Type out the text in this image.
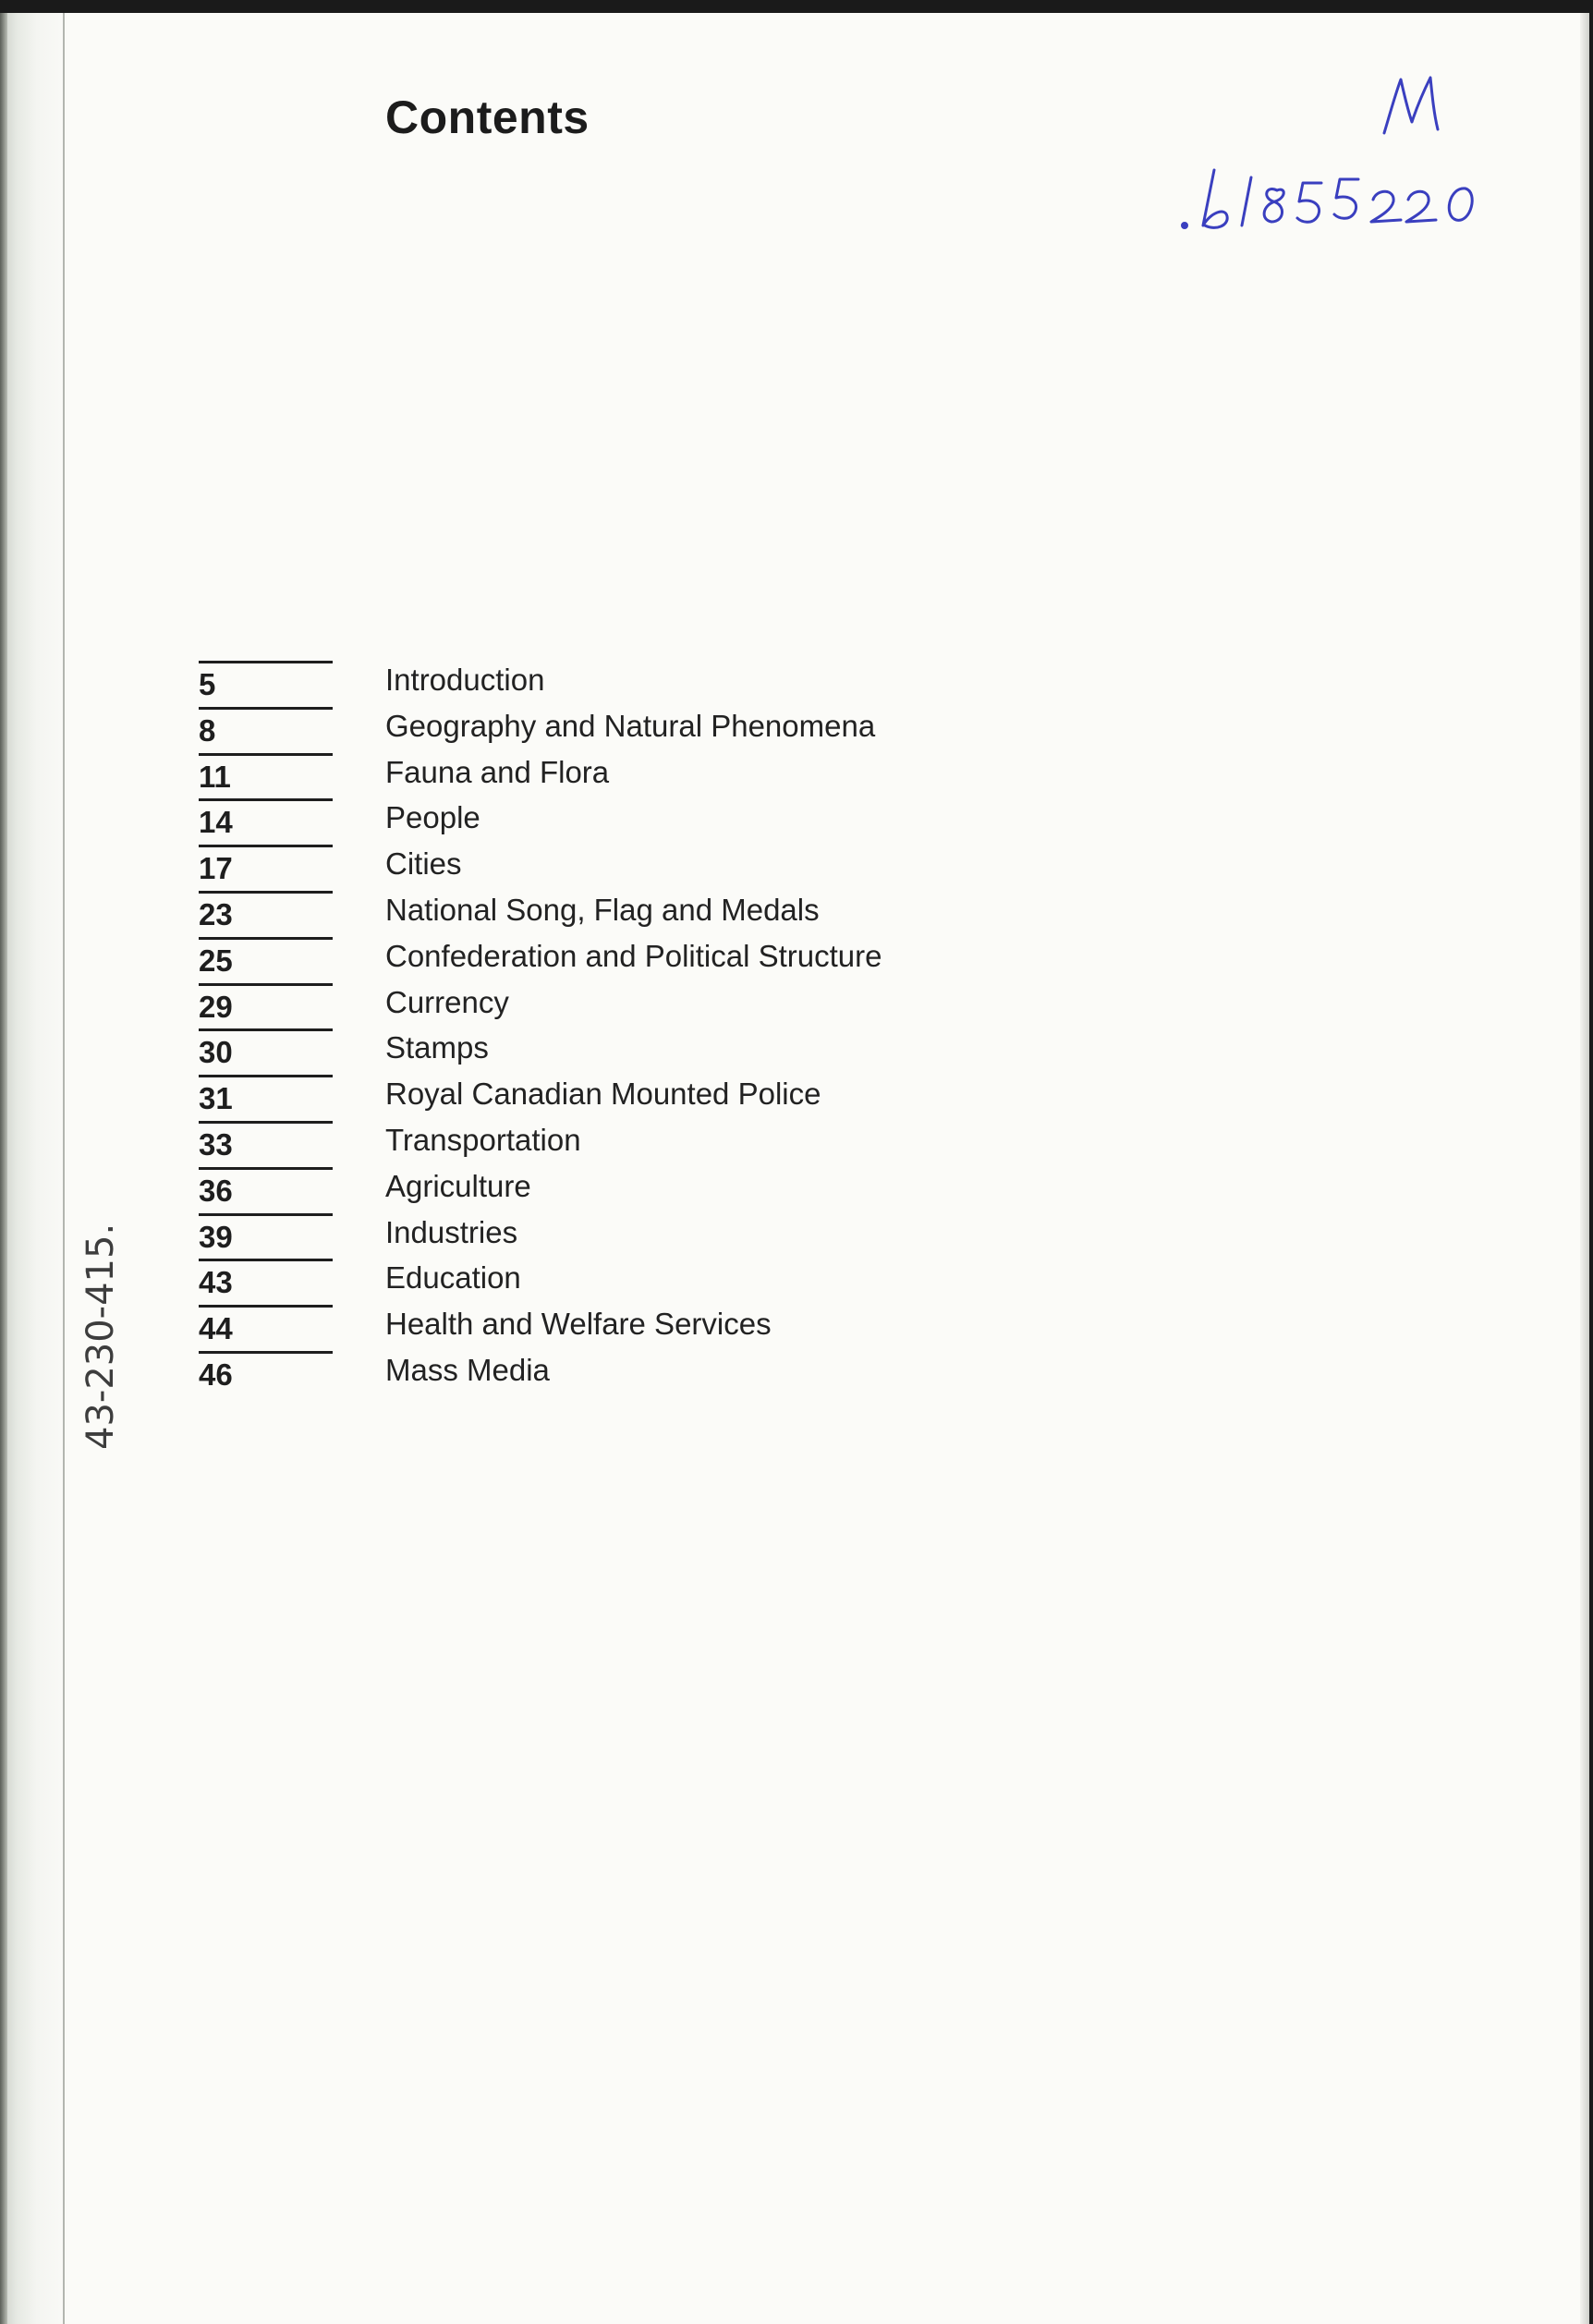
Contents
43-230-415.
5	Introduction
8	Geography and Natural Phenomena
11	Fauna and Flora
14	People
17	Cities
23	National Song, Flag and Medals
25	Confederation and Political Structure
29	Currency
30	Stamps
31	Royal Canadian Mounted Police
33	Transportation
36	Agriculture
39	Industries
43	Education
44	Health and Welfare Services
46	Mass Media
